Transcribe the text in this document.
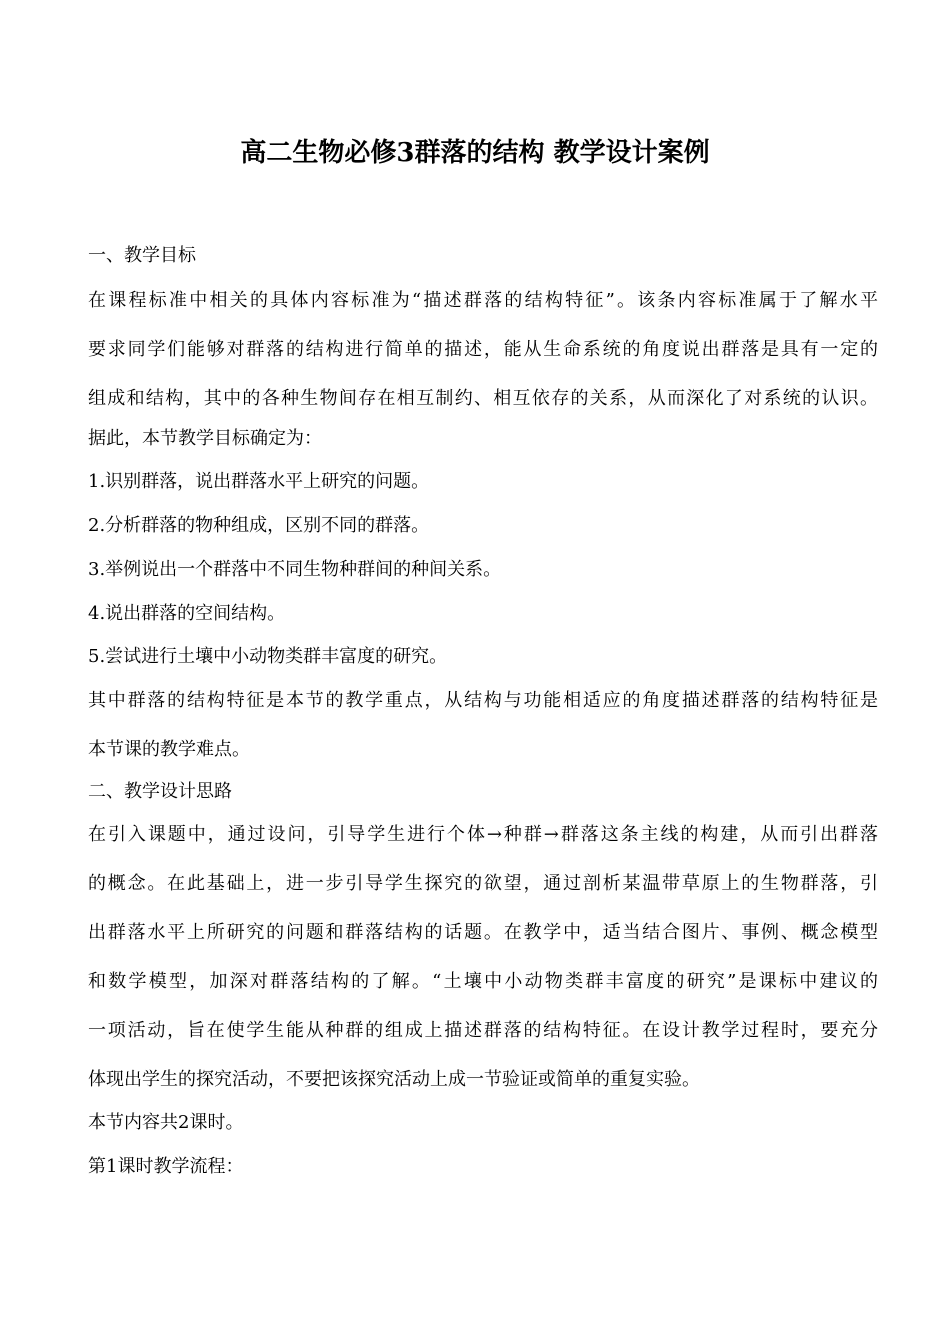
高二生物必修3群落的结构 教学设计案例
一、教学目标
在课程标准中相关的具体内容标准为“描述群落的结构特征”。该条内容标准属于了解水平
要求同学们能够对群落的结构进行简单的描述，能从生命系统的角度说出群落是具有一定的
组成和结构，其中的各种生物间存在相互制约、相互依存的关系，从而深化了对系统的认识。
据此，本节教学目标确定为：
1.识别群落，说出群落水平上研究的问题。
2.分析群落的物种组成，区别不同的群落。
3.举例说出一个群落中不同生物种群间的种间关系。
4.说出群落的空间结构。
5.尝试进行土壤中小动物类群丰富度的研究。
其中群落的结构特征是本节的教学重点，从结构与功能相适应的角度描述群落的结构特征是
本节课的教学难点。
二、教学设计思路
在引入课题中，通过设问，引导学生进行个体→种群→群落这条主线的构建，从而引出群落
的概念。在此基础上，进一步引导学生探究的欲望，通过剖析某温带草原上的生物群落，引
出群落水平上所研究的问题和群落结构的话题。在教学中，适当结合图片、事例、概念模型
和数学模型，加深对群落结构的了解。“土壤中小动物类群丰富度的研究”是课标中建议的
一项活动，旨在使学生能从种群的组成上描述群落的结构特征。在设计教学过程时，要充分
体现出学生的探究活动，不要把该探究活动上成一节验证或简单的重复实验。
本节内容共2课时。
第1课时教学流程：
